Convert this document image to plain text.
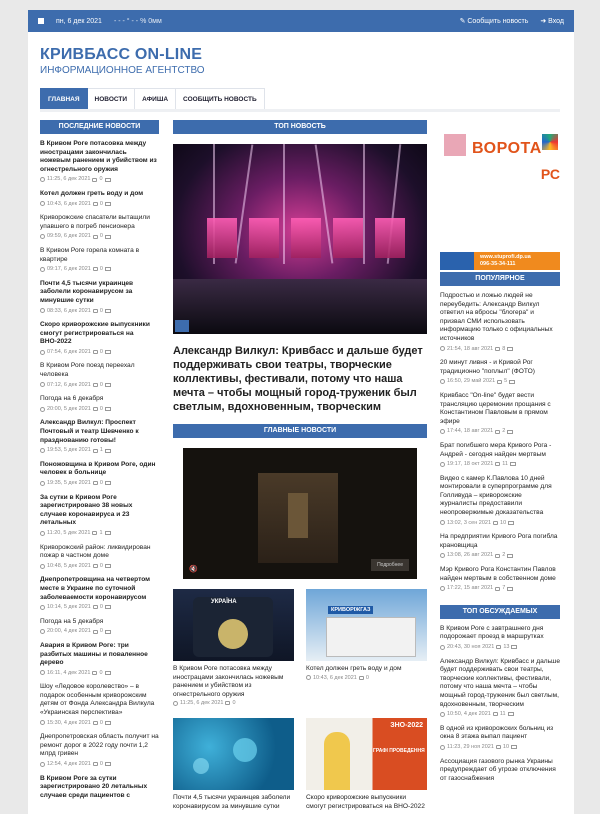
пн, 6 дек 2021 - - - ° - - % 0мм	✎ Сообщить новость ➜ Вход
КРИВБАСС ON-LINE
ИНФОРМАЦИОННОЕ АГЕНТСТВО
ГЛАВНАЯ	НОВОСТИ	АФИША	СООБЩИТЬ НОВОСТЬ
ПОСЛЕДНИЕ НОВОСТИ
В Кривом Роге потасовка между инострацами закончилась ножевым ранением и убийством из огнестрельного оружия
11:25, 6 дек 2021 0
Котел должен греть воду и дом
10:43, 6 дек 2021 0
Криворожские спасатели вытащили упавшего в погреб пенсионера
09:59, 6 дек 2021 0
В Кривом Роге горела комната в квартире
09:17, 6 дек 2021 0
Почти 4,5 тысячи украинцев заболели коронавирусом за минувшие сутки
08:33, 6 дек 2021 0
Скоро криворожские выпускники смогут регистрироваться на ВНО-2022
07:54, 6 дек 2021 0
В Кривом Роге поезд переехал человека
07:12, 6 дек 2021 0
Погода на 6 декабря
20:00, 5 дек 2021 0
Александр Вилкул: Проспект Почтовый и театр Шевченко к празднованию готовы!
19:53, 5 дек 2021 1
Поножовщина в Кривом Роге, один человек в больнице
19:35, 5 дек 2021 0
За сутки в Кривом Роге зарегистрировано 38 новых случаев коронавируса и 23 летальных
11:20, 5 дек 2021 1
Криворожский район: ликвидирован пожар в частном доме
10:48, 5 дек 2021 0
Днепропетровщина на четвертом месте в Украине по суточной заболеваемости коронавирусом
10:14, 5 дек 2021 0
Погода на 5 декабря
20:00, 4 дек 2021 0
Авария в Кривом Роге: три разбитых машины и поваленное дерево
16:11, 4 дек 2021 0
Шоу «Ледовое королевство» – в подарок особенным криворожским детям от Фонда Александра Вилкула «Украинская перспектива»
15:30, 4 дек 2021 0
Днепропетровская область получит на ремонт дорог в 2022 году почти 1,2 млрд гривен
12:54, 4 дек 2021 0
В Кривом Роге за сутки зарегистрировано 20 летальных случаев среди пациентов с
ТОП НОВОСТЬ
Александр Вилкул: Кривбасс и дальше будет поддерживать свои театры, творческие коллективы, фестивали, потому что наша мечта – чтобы мощный город-труженик был светлым, вдохновенным, творческим
ГЛАВНЫЕ НОВОСТИ
🔇
Подробнее
УКРАЇНА
В Кривом Роге потасовка между инострацами закончилась ножевым ранением и убийством из огнестрельного оружия
11:25, 6 дек 2021 0
КРИВОРІЖГАЗ
Котел должен греть воду и дом
10:43, 6 дек 2021 0
Почти 4,5 тысячи украинцев заболели коронавирусом за минувшие сутки
ЗНО-2022
ГРАФІ ПРОВЕДЕННЯ
Скоро криворожские выпускники смогут регистрироваться на ВНО-2022
ВОРОТА
РС
www.stuprofi.dp.ua
096-35-34-111
ПОПУЛЯРНОЕ
Подростью и ложью людей не переубедить: Александр Вилкул ответил на вбросы "блогера" и призвал СМИ использовать информацию только с официальных источников
21:54, 18 авг 2021 8
20 минут ливня - и Кривой Рог традиционно "поплыл" (ФОТО)
16:50, 29 май 2021 5
Кривбасс "On-line" будет вести трансляцию церемонии прощания с Константином Павловым в прямом эфире
17:44, 18 авг 2021 2
Брат погибшего мера Кривого Рога - Андрей - сегодня найден мертвым
19:17, 18 окт 2021 11
Видео с камер К.Павлова 10 дней монтировали в суперпрограмме для Голливуда – криворожские журналисты предоставили неопровержимые доказательства
13:02, 3 сен 2021 10
На предприятии Кривого Рога погибла крановщица
13:08, 26 авг 2021 2
Мэр Кривого Рога Константин Павлов найден мертвым в собственном доме
17:22, 15 авг 2021 7
ТОП ОБСУЖДАЕМЫХ
В Кривом Роге с завтрашнего дня подорожает проезд в маршрутках
20:43, 30 ноя 2021 13
Александр Вилкул: Кривбасс и дальше будет поддерживать свои театры, творческие коллективы, фестивали, потому что наша мечта – чтобы мощный город-труженик был светлым, вдохновенным, творческим
10:50, 4 дек 2021 11
В одной из криворожских больниц из окна 8 этажа выпал пациент
11:23, 29 ноя 2021 10
Ассоциация газового рынка Украины предупреждает об угрозе отключения от газоснабжения
